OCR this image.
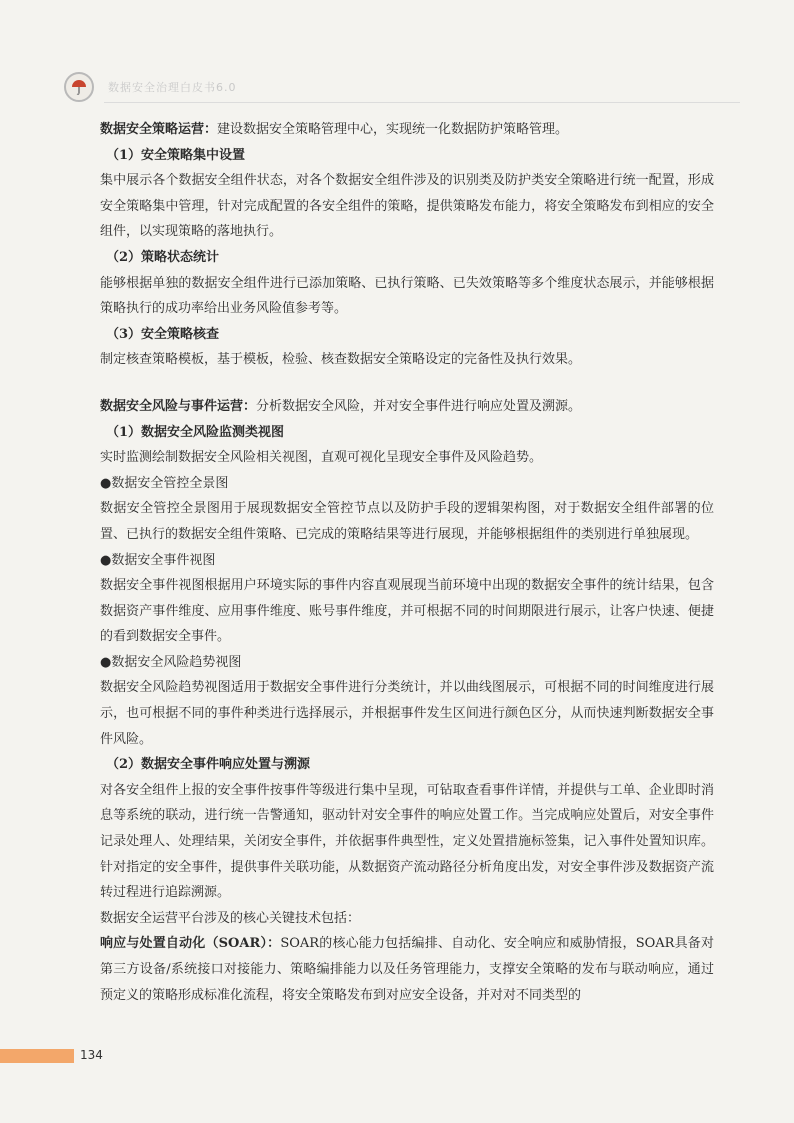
数据安全治理白皮书6.0

数据安全策略运营：建设数据安全策略管理中心，实现统一化数据防护策略管理。

（1）安全策略集中设置

集中展示各个数据安全组件状态，对各个数据安全组件涉及的识别类及防护类安全策略进行统一配置，形成安全策略集中管理，针对完成配置的各安全组件的策略，提供策略发布能力，将安全策略发布到相应的安全组件，以实现策略的落地执行。

（2）策略状态统计

能够根据单独的数据安全组件进行已添加策略、已执行策略、已失效策略等多个维度状态展示，并能够根据策略执行的成功率给出业务风险值参考等。

（3）安全策略核查

制定核查策略模板，基于模板，检验、核查数据安全策略设定的完备性及执行效果。

数据安全风险与事件运营：分析数据安全风险，并对安全事件进行响应处置及溯源。

（1）数据安全风险监测类视图

实时监测绘制数据安全风险相关视图，直观可视化呈现安全事件及风险趋势。

●数据安全管控全景图

数据安全管控全景图用于展现数据安全管控节点以及防护手段的逻辑架构图，对于数据安全组件部署的位置、已执行的数据安全组件策略、已完成的策略结果等进行展现，并能够根据组件的类别进行单独展现。

●数据安全事件视图

数据安全事件视图根据用户环境实际的事件内容直观展现当前环境中出现的数据安全事件的统计结果，包含数据资产事件维度、应用事件维度、账号事件维度，并可根据不同的时间期限进行展示，让客户快速、便捷的看到数据安全事件。

●数据安全风险趋势视图

数据安全风险趋势视图适用于数据安全事件进行分类统计，并以曲线图展示，可根据不同的时间维度进行展示，也可根据不同的事件种类进行选择展示，并根据事件发生区间进行颜色区分，从而快速判断数据安全事件风险。

（2）数据安全事件响应处置与溯源

对各安全组件上报的安全事件按事件等级进行集中呈现，可钻取查看事件详情，并提供与工单、企业即时消息等系统的联动，进行统一告警通知，驱动针对安全事件的响应处置工作。当完成响应处置后，对安全事件记录处理人、处理结果，关闭安全事件，并依据事件典型性，定义处置措施标签集，记入事件处置知识库。针对指定的安全事件，提供事件关联功能，从数据资产流动路径分析角度出发，对安全事件涉及数据资产流转过程进行追踪溯源。

数据安全运营平台涉及的核心关键技术包括：

响应与处置自动化（SOAR）：SOAR的核心能力包括编排、自动化、安全响应和威胁情报，SOAR具备对第三方设备/系统接口对接能力、策略编排能力以及任务管理能力，支撑安全策略的发布与联动响应，通过预定义的策略形成标准化流程，将安全策略发布到对应安全设备，并对对不同类型的

134
